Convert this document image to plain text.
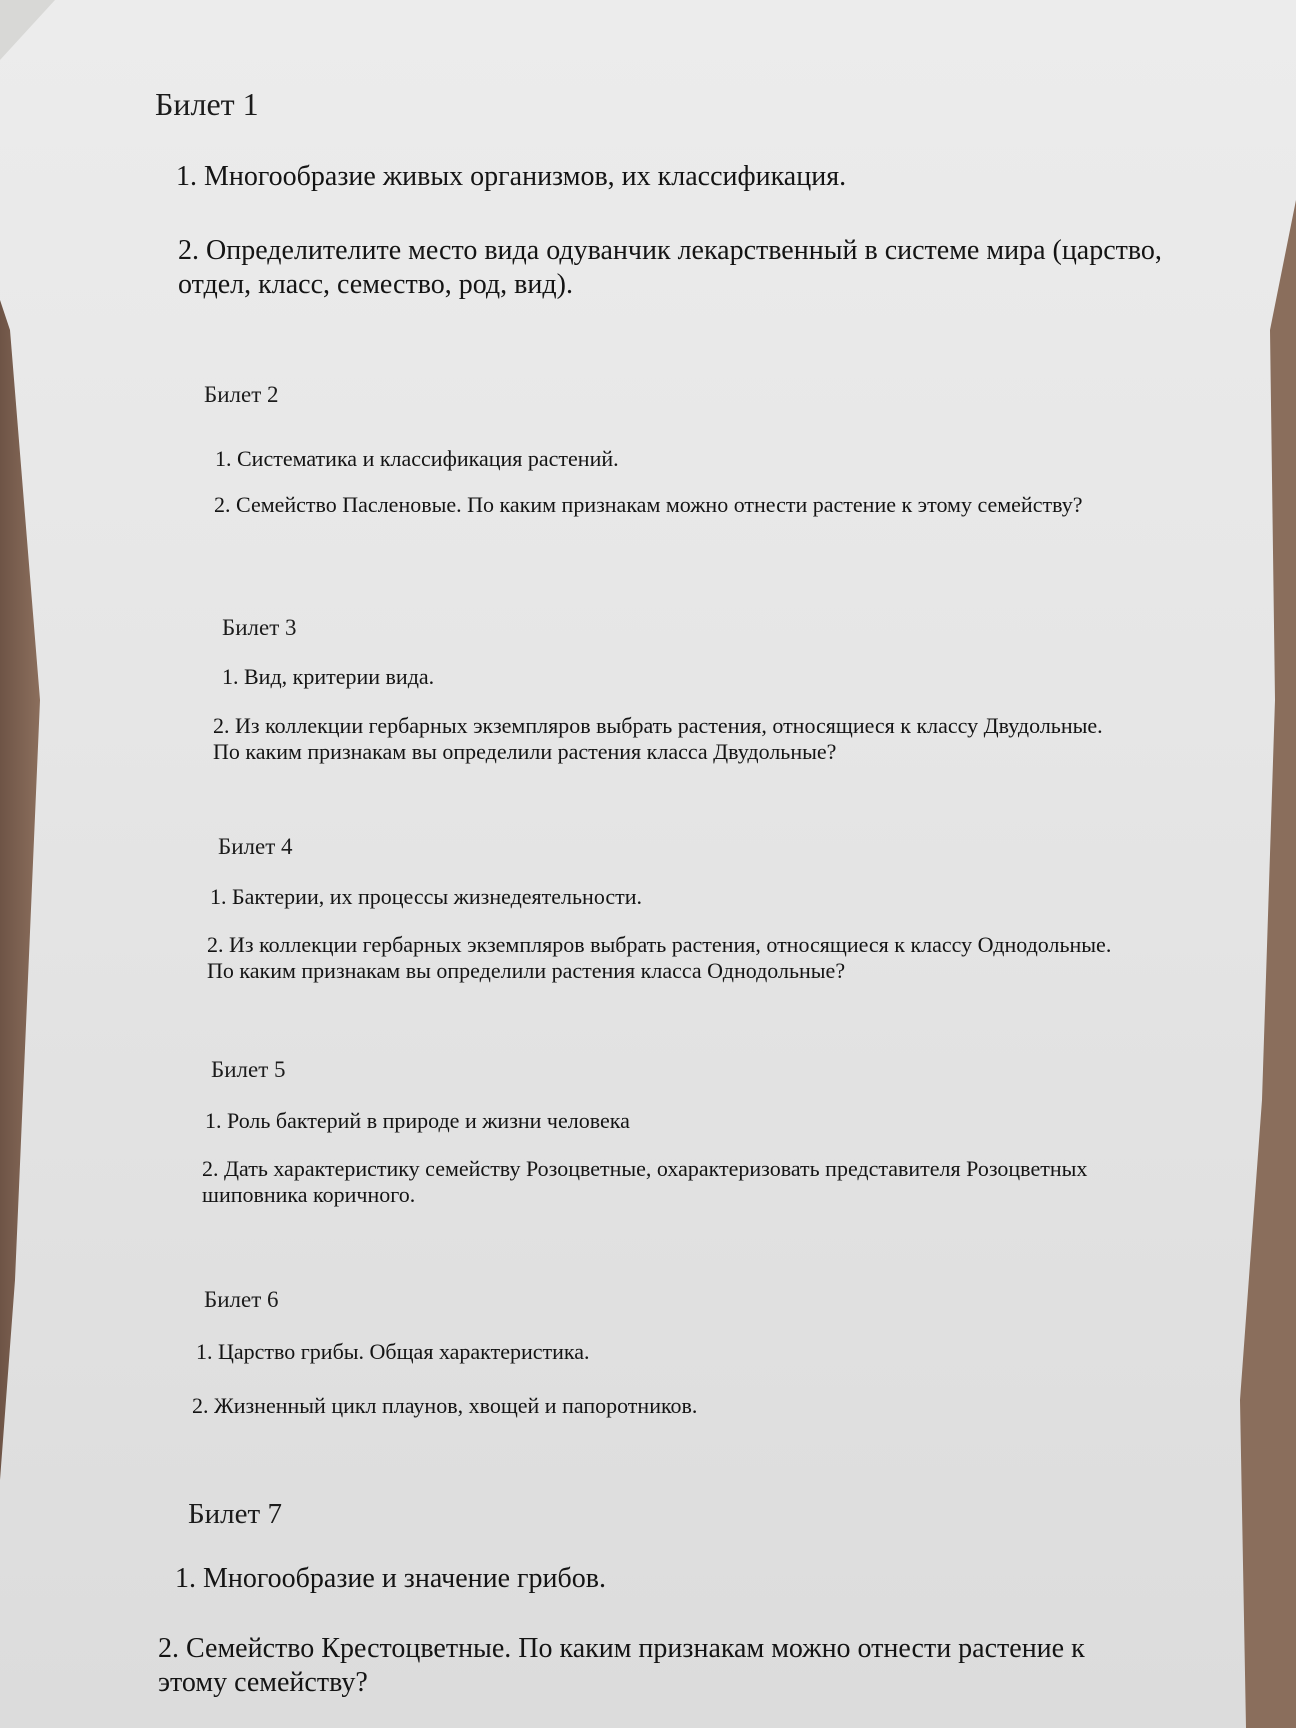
Билет 1
1. Многообразие живых организмов, их классификация.
2. Определителите место вида одуванчик лекарственный в системе мира (царство, отдел, класс, семество, род, вид).
Билет 2
1. Систематика и классификация растений.
2. Семейство Пасленовые. По каким признакам можно отнести растение к этому семейству?
Билет 3
1. Вид, критерии вида.
2. Из коллекции гербарных экземпляров выбрать растения, относящиеся к классу Двудольные. По каким признакам вы определили растения класса Двудольные?
Билет 4
1. Бактерии, их процессы жизнедеятельности.
2. Из коллекции гербарных экземпляров выбрать растения, относящиеся к классу Однодольные. По каким признакам вы определили растения класса Однодольные?
Билет 5
1. Роль бактерий в природе и жизни человека
2. Дать характеристику семейству Розоцветные, охарактеризовать представителя Розоцветных шиповника коричного.
Билет 6
1. Царство грибы. Общая характеристика.
2. Жизненный цикл плаунов, хвощей и папоротников.
Билет 7
1. Многообразие и значение грибов.
2. Семейство Крестоцветные. По каким признакам можно отнести растение к этому семейству?
